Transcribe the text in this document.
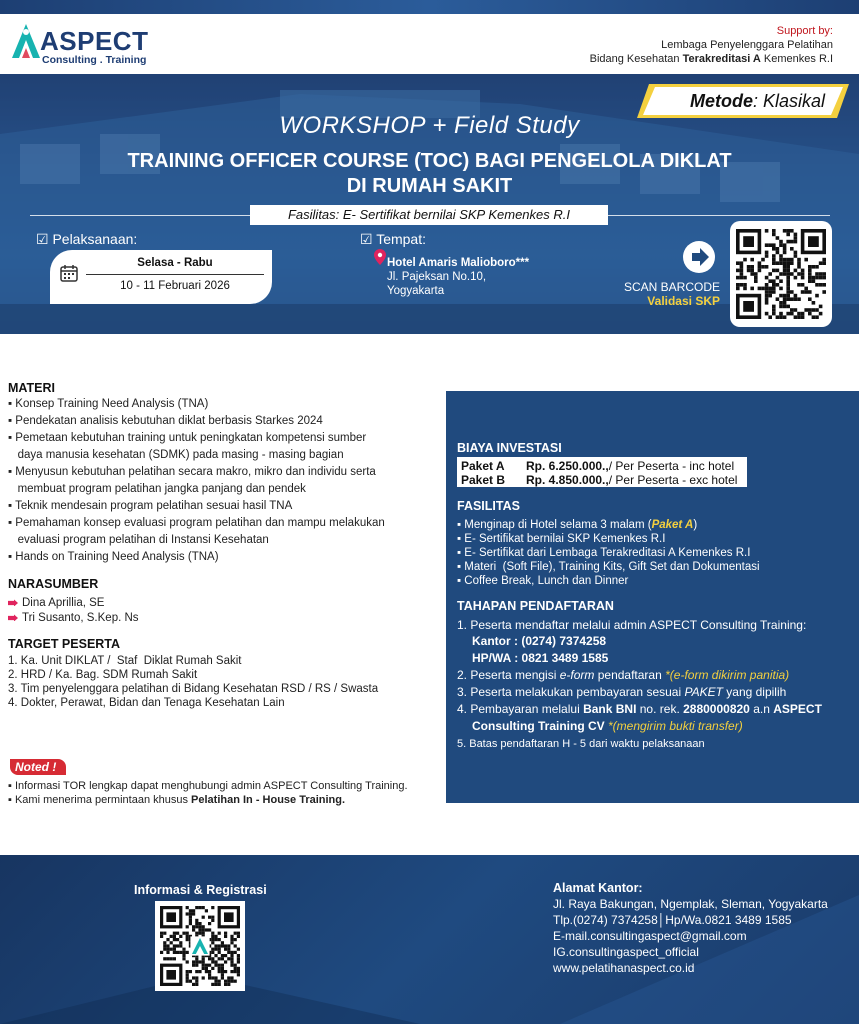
ASPECT
Consulting . Training
Support by:
Lembaga Penyelenggara Pelatihan
Bidang Kesehatan Terakreditasi A Kemenkes R.I
Metode: Klasikal
WORKSHOP + Field Study
TRAINING OFFICER COURSE (TOC) BAGI PENGELOLA DIKLAT
DI RUMAH SAKIT
Fasilitas: E- Sertifikat bernilai SKP Kemenkes R.I
☑ Pelaksanaan:
Selasa - Rabu
10 - 11 Februari 2026
☑ Tempat:
Hotel Amaris Malioboro***
Jl. Pajeksan No.10,
Yogyakarta	SCAN BARCODE
Validasi SKP
MATERI
▪ Konsep Training Need Analysis (TNA)
▪ Pendekatan analisis kebutuhan diklat berbasis Starkes 2024
▪ Pemetaan kebutuhan training untuk peningkatan kompetensi sumber
daya manusia kesehatan (SDMK) pada masing - masing bagian
▪ Menyusun kebutuhan pelatihan secara makro, mikro dan individu serta
membuat program pelatihan jangka panjang dan pendek
▪ Teknik mendesain program pelatihan sesuai hasil TNA
▪ Pemahaman konsep evaluasi program pelatihan dan mampu melakukan
evaluasi program pelatihan di Instansi Kesehatan
▪ Hands on Training Need Analysis (TNA)
NARASUMBER
Dina Aprillia, SE
Tri Susanto, S.Kep. Ns
TARGET PESERTA
1. Ka. Unit DIKLAT /  Staf  Diklat Rumah Sakit
2. HRD / Ka. Bag. SDM Rumah Sakit
3. Tim penyelenggara pelatihan di Bidang Kesehatan RSD / RS / Swasta
4. Dokter, Perawat, Bidan dan Tenaga Kesehatan Lain
Noted !
▪ Informasi TOR lengkap dapat menghubungi admin ASPECT Consulting Training.
▪ Kami menerima permintaan khusus Pelatihan In - House Training.
BIAYA INVESTASI
Paket A Rp. 6.250.000.,/ Per Peserta - inc hotel
Paket B Rp. 4.850.000.,/ Per Peserta - exc hotel
FASILITAS
▪ Menginap di Hotel selama 3 malam (Paket A)
▪ E- Sertifikat bernilai SKP Kemenkes R.I
▪ E- Sertifikat dari Lembaga Terakreditasi A Kemenkes R.I
▪ Materi  (Soft File), Training Kits, Gift Set dan Dokumentasi
▪ Coffee Break, Lunch dan Dinner
TAHAPAN PENDAFTARAN
1. Peserta mendaftar melalui admin ASPECT Consulting Training:
Kantor : (0274) 7374258
HP/WA : 0821 3489 1585
2. Peserta mengisi e-form pendaftaran *(e-form dikirim panitia)
3. Peserta melakukan pembayaran sesuai PAKET yang dipilih
4. Pembayaran melalui Bank BNI no. rek. 2880000820 a.n ASPECT
Consulting Training CV *(mengirim bukti transfer)
5. Batas pendaftaran H - 5 dari waktu pelaksanaan
Informasi & Registrasi	Alamat Kantor:
Jl. Raya Bakungan, Ngemplak, Sleman, Yogyakarta
Tlp.(0274) 7374258│Hp/Wa.0821 3489 1585
E-mail.consultingaspect@gmail.com
IG.consultingaspect_official
www.pelatihanaspect.co.id
